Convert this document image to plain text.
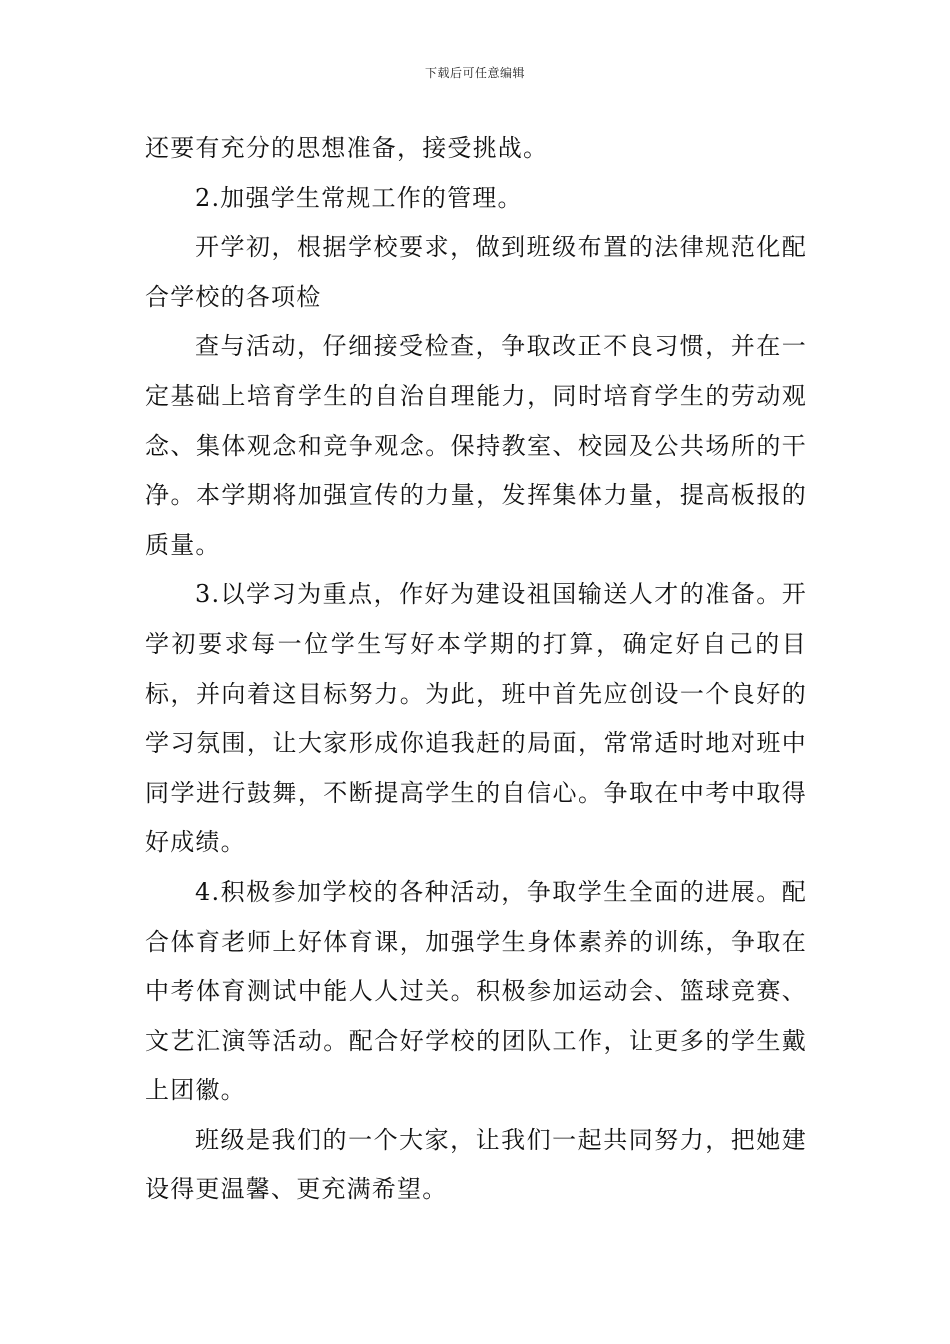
下载后可任意编辑

还要有充分的思想准备，接受挑战。

2.加强学生常规工作的管理。

开学初，根据学校要求，做到班级布置的法律规范化配合学校的各项检

查与活动，仔细接受检查，争取改正不良习惯，并在一定基础上培育学生的自治自理能力，同时培育学生的劳动观念、集体观念和竞争观念。保持教室、校园及公共场所的干净。本学期将加强宣传的力量，发挥集体力量，提高板报的质量。

3.以学习为重点，作好为建设祖国输送人才的准备。开学初要求每一位学生写好本学期的打算，确定好自己的目标，并向着这目标努力。为此，班中首先应创设一个良好的学习氛围，让大家形成你追我赶的局面，常常适时地对班中同学进行鼓舞，不断提高学生的自信心。争取在中考中取得好成绩。

4.积极参加学校的各种活动，争取学生全面的进展。配合体育老师上好体育课，加强学生身体素养的训练，争取在中考体育测试中能人人过关。积极参加运动会、篮球竞赛、文艺汇演等活动。配合好学校的团队工作，让更多的学生戴上团徽。

班级是我们的一个大家，让我们一起共同努力，把她建设得更温馨、更充满希望。
